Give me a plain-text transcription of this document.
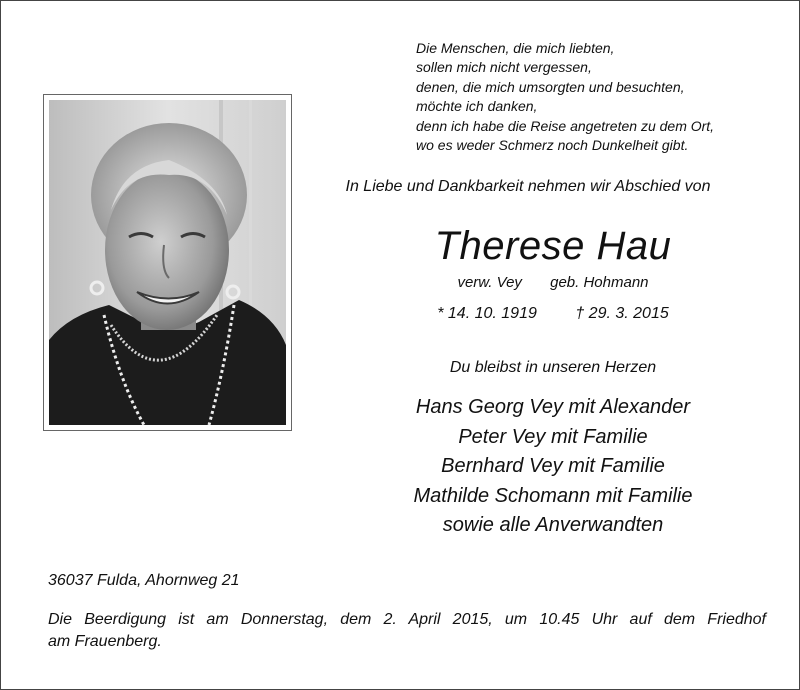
Die Menschen, die mich liebten,
sollen mich nicht vergessen,
denen, die mich umsorgten und besuchten,
möchte ich danken,
denn ich habe die Reise angetreten zu dem Ort,
wo es weder Schmerz noch Dunkelheit gibt.
In Liebe und Dankbarkeit nehmen wir Abschied von
Therese Hau
verw. Vey geb. Hohmann
* 14. 10. 1919 † 29. 3. 2015
Du bleibst in unseren Herzen
Hans Georg Vey mit Alexander
Peter Vey mit Familie
Bernhard Vey mit Familie
Mathilde Schomann mit Familie
sowie alle Anverwandten
36037 Fulda, Ahornweg 21
Die Beerdigung ist am Donnerstag, dem 2. April 2015, um 10.45 Uhr auf dem Friedhof
am Frauenberg.
